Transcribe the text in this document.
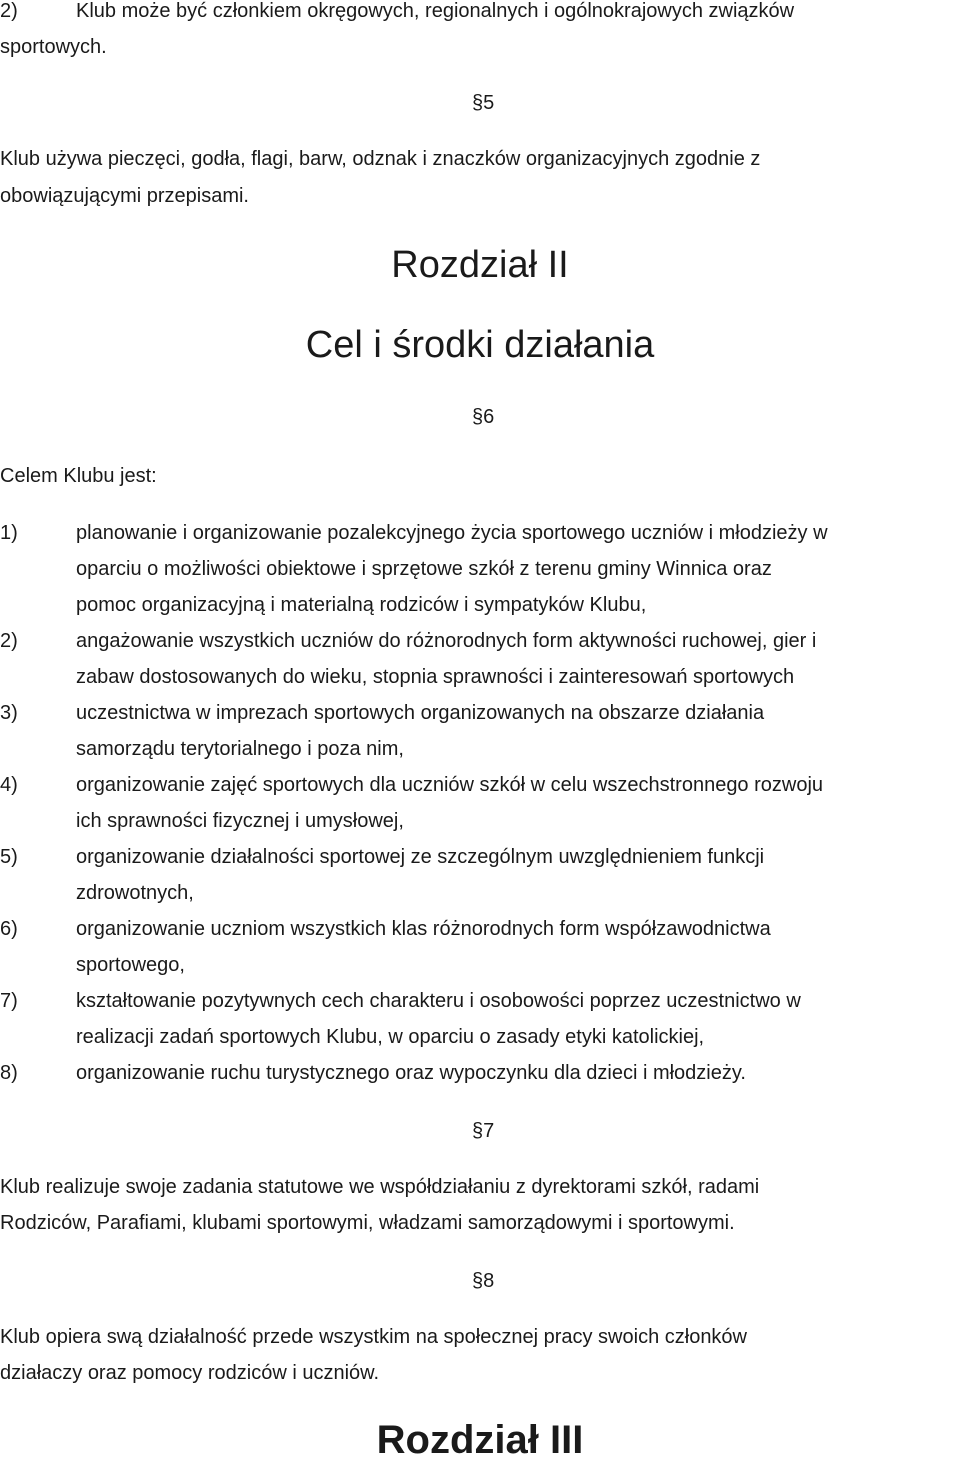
2)	Klub może być członkiem okręgowych, regionalnych i ogólnokrajowych związków
sportowych.
§5
Klub używa pieczęci, godła, flagi, barw, odznak i znaczków organizacyjnych zgodnie z
obowiązującymi przepisami.
Rozdział II
Cel i środki działania
§6
Celem Klubu jest:
1)	planowanie i organizowanie pozalekcyjnego życia sportowego uczniów i młodzieży w
oparciu o możliwości obiektowe i sprzętowe szkół z terenu gminy Winnica oraz
pomoc organizacyjną i materialną rodziców i sympatyków Klubu,
2)	angażowanie wszystkich uczniów do różnorodnych form aktywności ruchowej, gier i
zabaw dostosowanych do wieku, stopnia sprawności i zainteresowań sportowych
3)	uczestnictwa w imprezach sportowych organizowanych na obszarze działania
samorządu terytorialnego i poza nim,
4)	organizowanie zajęć sportowych dla uczniów szkół w celu wszechstronnego rozwoju
ich sprawności fizycznej i umysłowej,
5)	organizowanie działalności sportowej ze szczególnym uwzględnieniem funkcji
zdrowotnych,
6)	organizowanie uczniom wszystkich klas różnorodnych form współzawodnictwa
sportowego,
7)	kształtowanie pozytywnych cech charakteru i osobowości poprzez uczestnictwo w
realizacji zadań sportowych Klubu, w oparciu o zasady etyki katolickiej,
8)	organizowanie ruchu turystycznego oraz wypoczynku dla dzieci i młodzieży.
§7
Klub realizuje swoje zadania statutowe we współdziałaniu z dyrektorami szkół, radami
Rodziców, Parafiami, klubami sportowymi, władzami samorządowymi i sportowymi.
§8
Klub opiera swą działalność przede wszystkim na społecznej pracy swoich członków
działaczy oraz pomocy rodziców i uczniów.
Rozdział III
